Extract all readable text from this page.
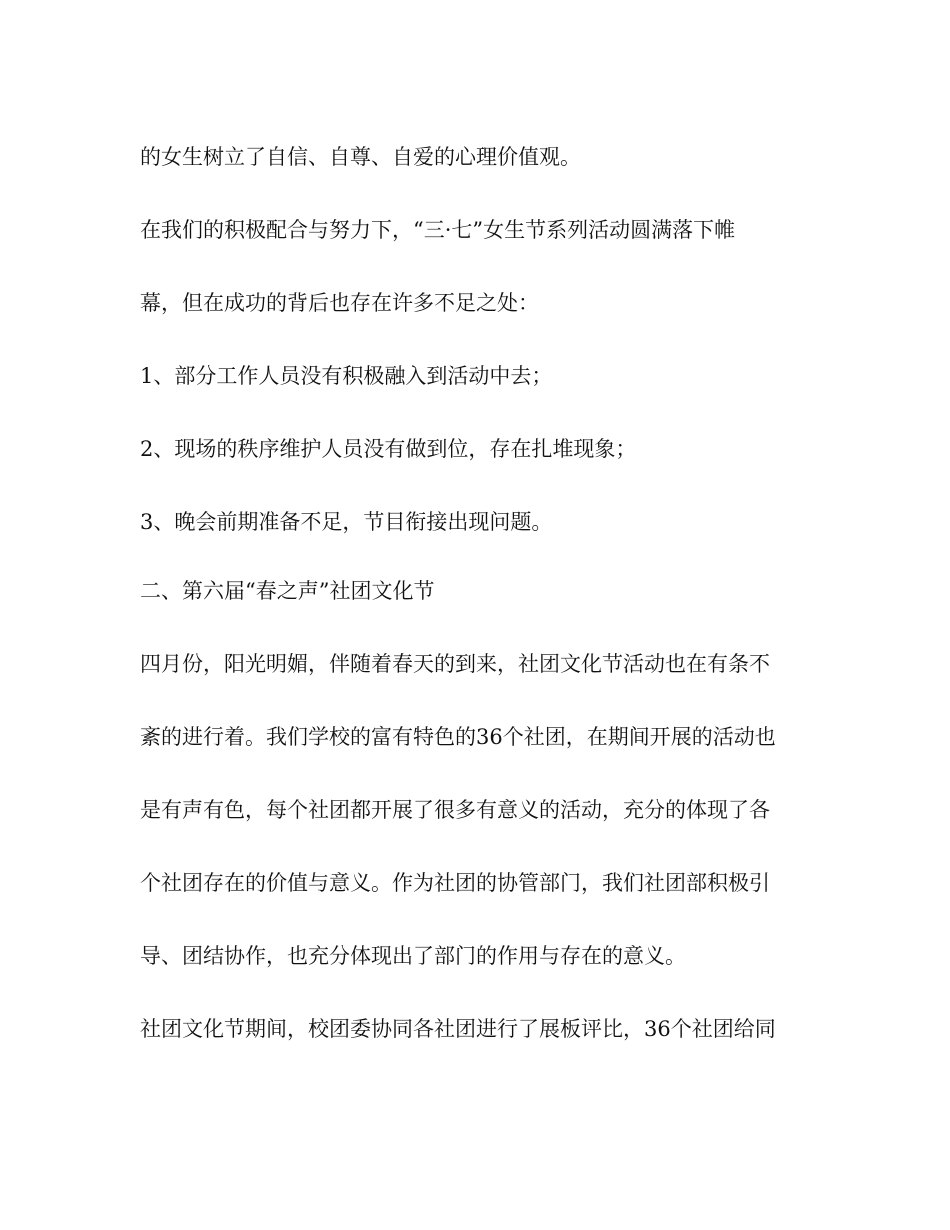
的女生树立了自信、自尊、自爱的心理价值观。

在我们的积极配合与努力下，“三·七”女生节系列活动圆满落下帷

幕，但在成功的背后也存在许多不足之处：

1、部分工作人员没有积极融入到活动中去；

2、现场的秩序维护人员没有做到位，存在扎堆现象；

3、晚会前期准备不足，节目衔接出现问题。

二、第六届“春之声”社团文化节

四月份，阳光明媚，伴随着春天的到来，社团文化节活动也在有条不

紊的进行着。我们学校的富有特色的36个社团，在期间开展的活动也

是有声有色，每个社团都开展了很多有意义的活动，充分的体现了各

个社团存在的价值与意义。作为社团的协管部门，我们社团部积极引

导、团结协作，也充分体现出了部门的作用与存在的意义。

社团文化节期间，校团委协同各社团进行了展板评比，36个社团给同
